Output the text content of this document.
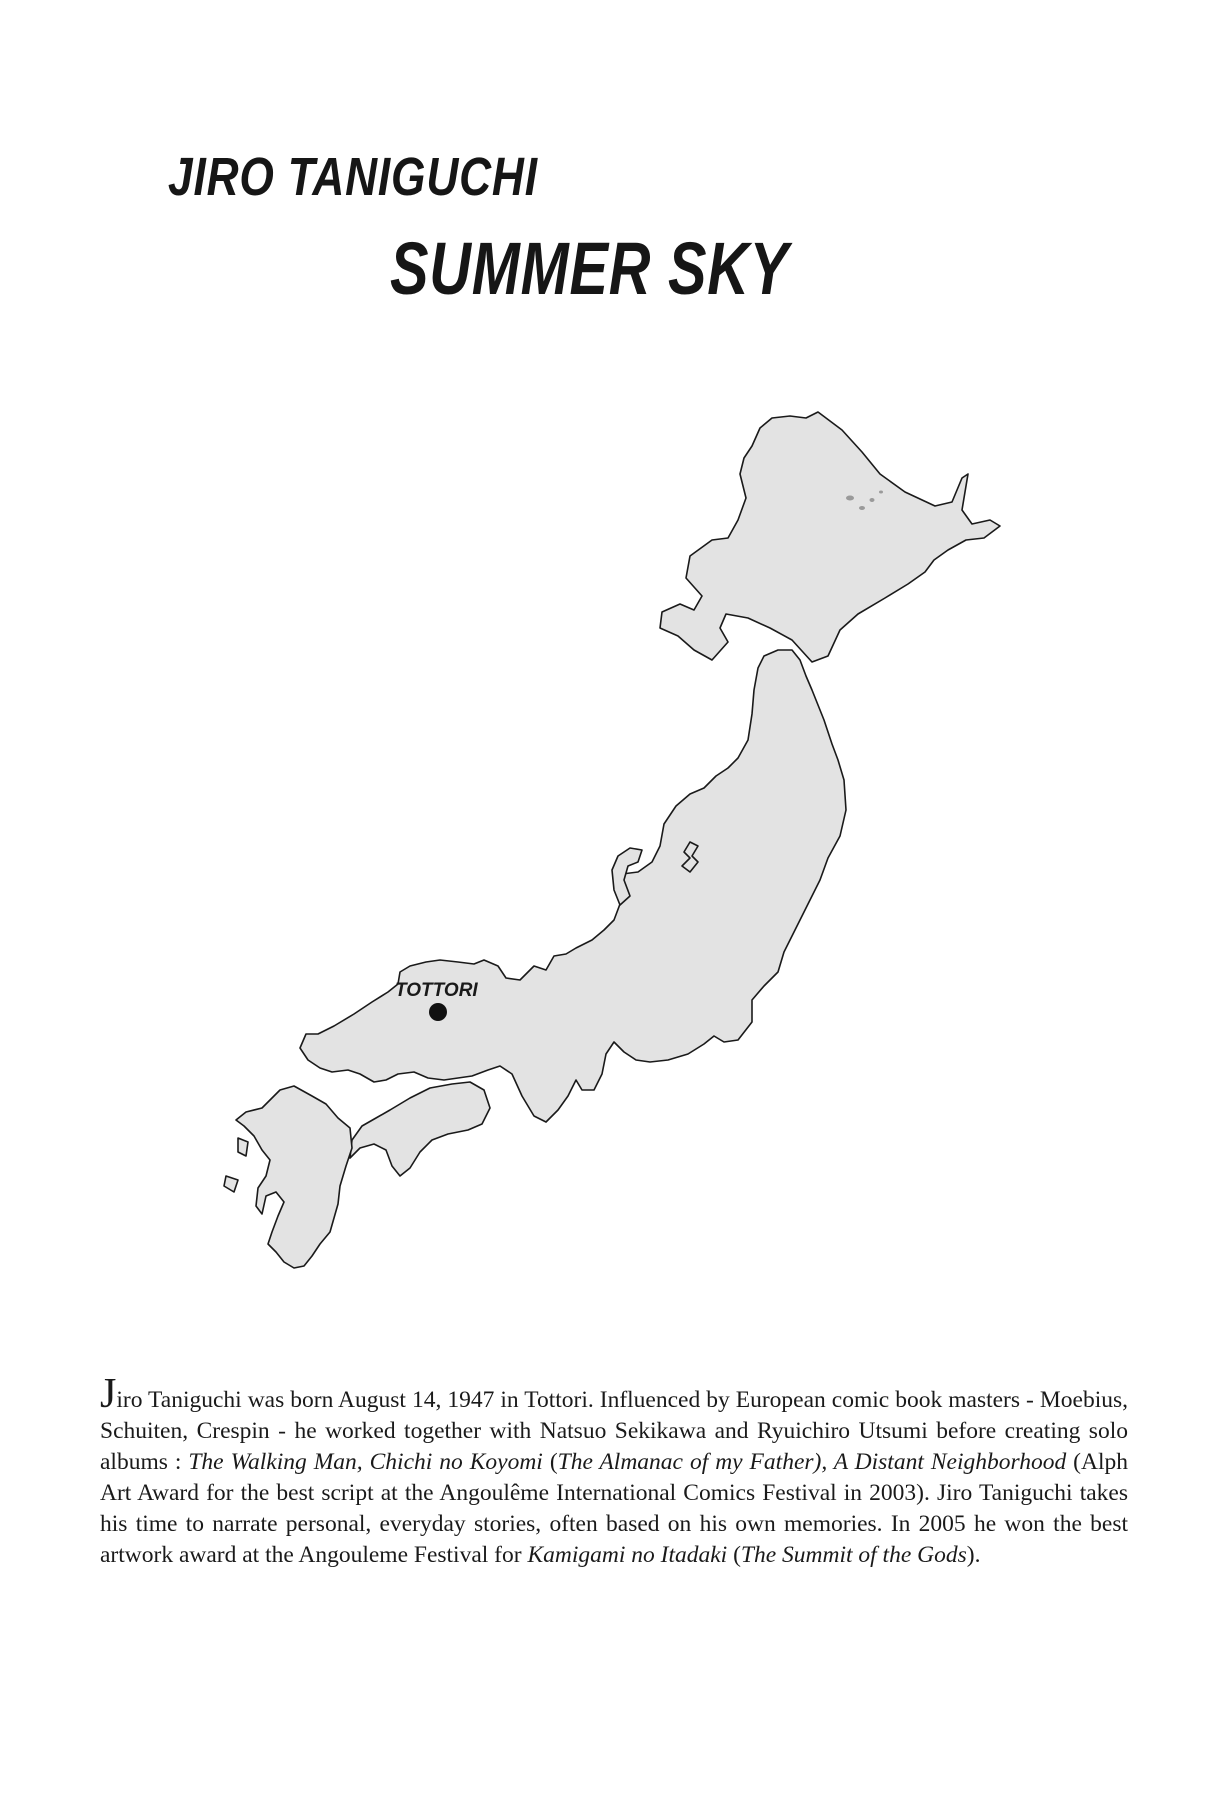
JIRO TANIGUCHI
SUMMER SKY
TOTTORI

Jiro Taniguchi was born August 14, 1947 in Tottori. Influenced by European comic book masters - Moebius, Schuiten, Crespin - he worked together with Natsuo Sekikawa and Ryuichiro Utsumi before creating solo albums : The Walking Man, Chichi no Koyomi (The Almanac of my Father), A Distant Neighborhood (Alph Art Award for the best script at the Angoulême International Comics Festival in 2003). Jiro Taniguchi takes his time to narrate personal, everyday stories, often based on his own memories. In 2005 he won the best artwork award at the Angouleme Festival for Kamigami no Itadaki (The Summit of the Gods).
